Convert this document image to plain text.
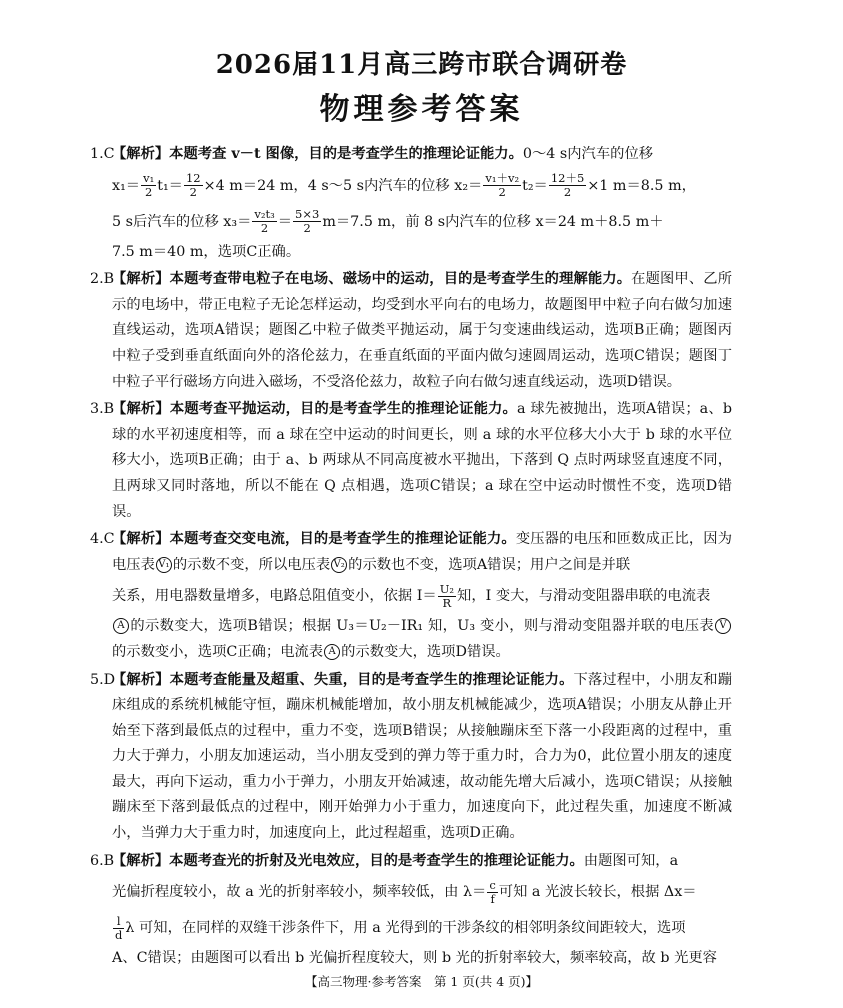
2026届11月高三跨市联合调研卷
物理参考答案
1.C
【解析】本题考查 v－t 图像，目的是考查学生的推理论证能力。0～4 s内汽车的位移
$x_1= \frac{\text{v₁}}{2} t_1= \frac{12}{2} \times 4$ m＝24 m，4 s～5 s内汽车的位移 $x_2= \frac{\text{v₁＋v₂}}{2} t_2= \frac{12+5}{2} \times 1$ m＝8.5 m，
5 s后汽车的位移 $x_3= \frac{\text{v₂t₃}}{2} = \frac{5\times 3}{2} m=7.5$ m，前 8 s内汽车的位移 x＝24 m＋8.5 m＋
7.5 m＝40 m，选项C正确。
2.B
【解析】本题考查带电粒子在电场、磁场中的运动，目的是考查学生的理解能力。在题图甲、乙所示的电场中，带正电粒子无论怎样运动，均受到水平向右的电场力，故题图甲中粒子向右做匀加速直线运动，选项A错误；题图乙中粒子做类平抛运动，属于匀变速曲线运动，选项B正确；题图丙中粒子受到垂直纸面向外的洛伦兹力，在垂直纸面的平面内做匀速圆周运动，选项C错误；题图丁中粒子平行磁场方向进入磁场，不受洛伦兹力，故粒子向右做匀速直线运动，选项D错误。
3.B
【解析】本题考查平抛运动，目的是考查学生的推理论证能力。a 球先被抛出，选项A错误；a、b 球的水平初速度相等，而 a 球在空中运动的时间更长，则 a 球的水平位移大小大于 b 球的水平位移大小，选项B正确；由于 a、b 两球从不同高度被水平抛出，下落到 Q 点时两球竖直速度不同，且两球又同时落地，所以不能在 Q 点相遇，选项C错误；a 球在空中运动时惯性不变，选项D错误。
4.C
【解析】本题考查交变电流，目的是考查学生的推理论证能力。变压器的电压和匝数成正比，因为电压表 V₁ 的示数不变，所以电压表 V₂ 的示数也不变，选项A错误；用户之间是并联
关系，用电器数量增多，电路总阻值变小，依据 $I= \frac{\text{U₂}}{R}$ 知，I 变大，与滑动变阻器串联的电流表
A 的示数变大，选项B错误；根据 U₃＝U₂－IR₁ 知，U₃ 变小，则与滑动变阻器并联的电压表 V的示数变小，选项C正确；电流表 A 的示数变大，选项D错误。
5.D
【解析】本题考查能量及超重、失重，目的是考查学生的推理论证能力。下落过程中，小朋友和蹦床组成的系统机械能守恒，蹦床机械能增加，故小朋友机械能减少，选项A错误；小朋友从静止开始至下落到最低点的过程中，重力不变，选项B错误；从接触蹦床至下落一小段距离的过程中，重力大于弹力，小朋友加速运动，当小朋友受到的弹力等于重力时，合力为0，此位置小朋友的速度最大，再向下运动，重力小于弹力，小朋友开始减速，故动能先增大后减小，选项C错误；从接触蹦床至下落到最低点的过程中，刚开始弹力小于重力，加速度向下，此过程失重，加速度不断减小，当弹力大于重力时，加速度向上，此过程超重，选项D正确。
6.B
【解析】本题考查光的折射及光电效应，目的是考查学生的推理论证能力。由题图可知，a
光偏折程度较小，故 a 光的折射率较小，频率较低，由 $\lambda= \frac{c}{f}$ 可知 a 光波长较长，根据 Δx＝
$\frac{l}{d}$ λ 可知，在同样的双缝干涉条件下，用 a 光得到的干涉条纹的相邻明条纹间距较大，选项
A、C错误；由题图可以看出 b 光偏折程度较大，则 b 光的折射率较大，频率较高，故 b 光更容
【高三物理·参考答案　第 1 页(共 4 页)】
